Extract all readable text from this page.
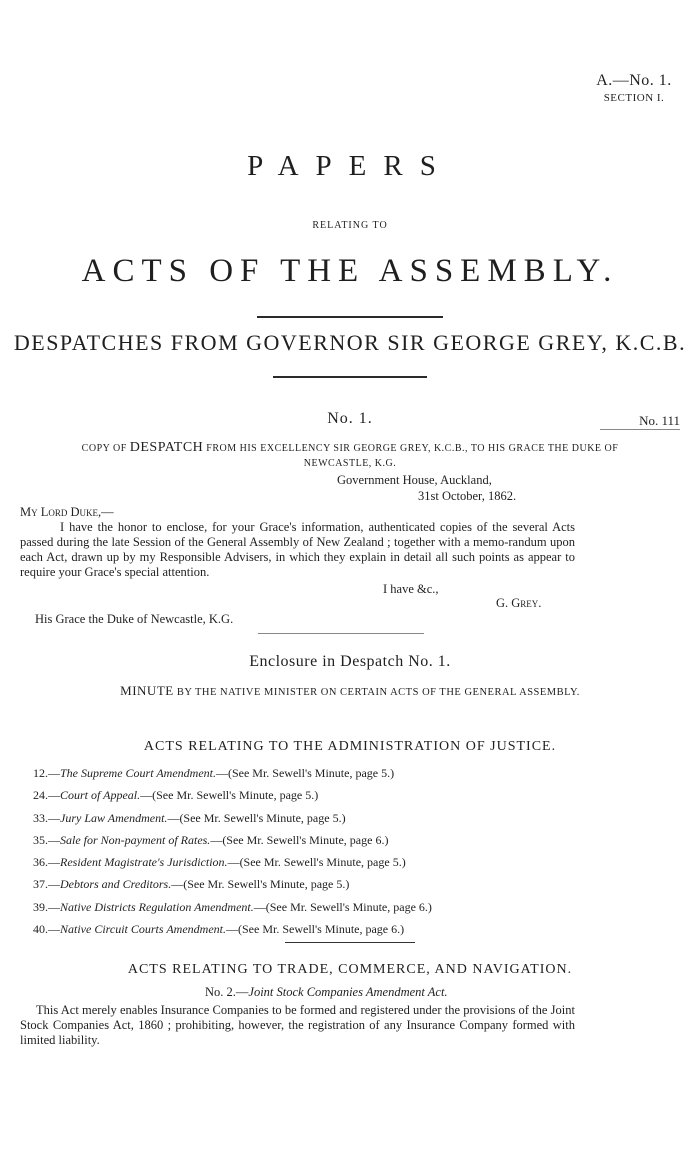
A.—No. 1.
SECTION I.
PAPERS
RELATING TO
ACTS OF THE ASSEMBLY.
DESPATCHES FROM GOVERNOR SIR GEORGE GREY, K.C.B.
No. 1.	No. 111
COPY OF DESPATCH FROM HIS EXCELLENCY SIR GEORGE GREY, K.C.B., TO HIS GRACE THE DUKE OF
NEWCASTLE, K.G.
Government House, Auckland,
31st October, 1862.
My Lord Duke,—
I have the honor to enclose, for your Grace's information, authenticated copies of the several Acts passed during the late Session of the General Assembly of New Zealand ; together with a memo-randum upon each Act, drawn up by my Responsible Advisers, in which they explain in detail all such points as appear to require your Grace's special attention.
I have &c.,
G. Grey.
His Grace the Duke of Newcastle, K.G.
Enclosure in Despatch No. 1.
MINUTE BY THE NATIVE MINISTER ON CERTAIN ACTS OF THE GENERAL ASSEMBLY.
ACTS RELATING TO THE ADMINISTRATION OF JUSTICE.
12.—The Supreme Court Amendment.—(See Mr. Sewell's Minute, page 5.)
24.—Court of Appeal.—(See Mr. Sewell's Minute, page 5.)
33.—Jury Law Amendment.—(See Mr. Sewell's Minute, page 5.)
35.—Sale for Non-payment of Rates.—(See Mr. Sewell's Minute, page 6.)
36.—Resident Magistrate's Jurisdiction.—(See Mr. Sewell's Minute, page 5.)
37.—Debtors and Creditors.—(See Mr. Sewell's Minute, page 5.)
39.—Native Districts Regulation Amendment.—(See Mr. Sewell's Minute, page 6.)
40.—Native Circuit Courts Amendment.—(See Mr. Sewell's Minute, page 6.)
ACTS RELATING TO TRADE, COMMERCE, AND NAVIGATION.
No. 2.—Joint Stock Companies Amendment Act.
This Act merely enables Insurance Companies to be formed and registered under the provisions of the Joint Stock Companies Act, 1860 ; prohibiting, however, the registration of any Insurance Company formed with limited liability.
